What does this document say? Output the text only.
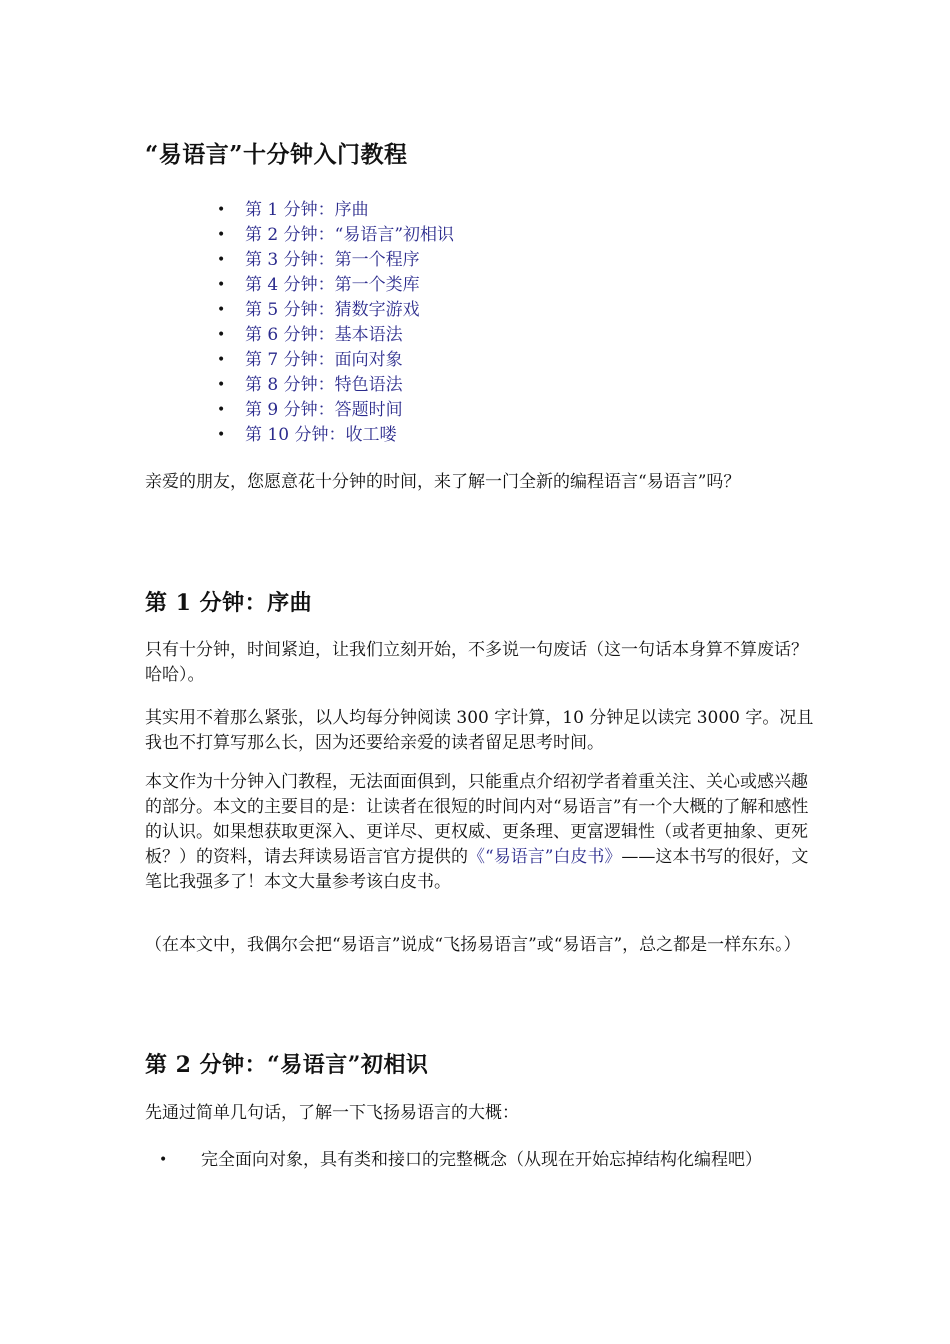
“易语言”十分钟入门教程
• 第 1 分钟：序曲
• 第 2 分钟：“易语言”初相识
• 第 3 分钟：第一个程序
• 第 4 分钟：第一个类库
• 第 5 分钟：猜数字游戏
• 第 6 分钟：基本语法
• 第 7 分钟：面向对象
• 第 8 分钟：特色语法
• 第 9 分钟：答题时间
• 第 10 分钟：收工喽

亲爱的朋友，您愿意花十分钟的时间，来了解一门全新的编程语言“易语言”吗？

第 1 分钟：序曲

只有十分钟，时间紧迫，让我们立刻开始，不多说一句废话（这一句话本身算不算废话？哈哈）。

其实用不着那么紧张，以人均每分钟阅读 300 字计算，10 分钟足以读完 3000 字。况且我也不打算写那么长，因为还要给亲爱的读者留足思考时间。

本文作为十分钟入门教程，无法面面俱到，只能重点介绍初学者着重关注、关心或感兴趣的部分。本文的主要目的是：让读者在很短的时间内对“易语言”有一个大概的了解和感性的认识。如果想获取更深入、更详尽、更权威、更条理、更富逻辑性（或者更抽象、更死板？）的资料，请去拜读易语言官方提供的《“易语言”白皮书》——这本书写的很好，文笔比我强多了！本文大量参考该白皮书。

（在本文中，我偶尔会把“易语言”说成“飞扬易语言”或“易语言”，总之都是一样东东。）

第 2 分钟：“易语言”初相识

先通过简单几句话，了解一下飞扬易语言的大概：

• 完全面向对象，具有类和接口的完整概念（从现在开始忘掉结构化编程吧）
